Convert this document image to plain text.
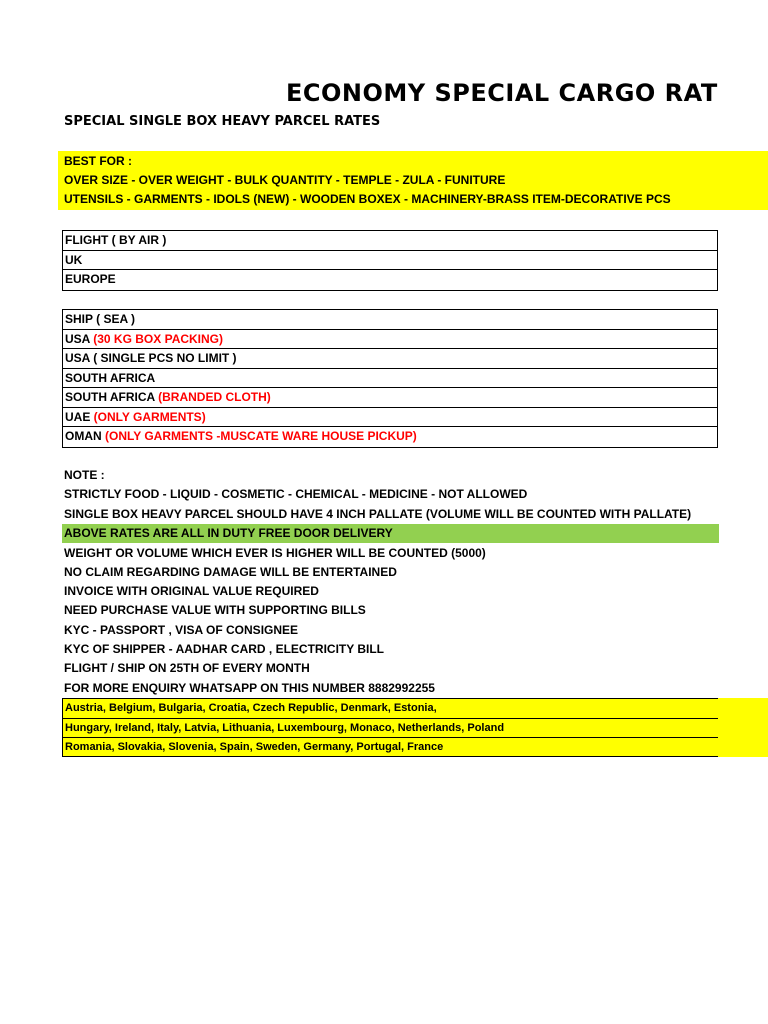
ECONOMY SPECIAL CARGO RAT
SPECIAL SINGLE BOX HEAVY PARCEL RATES
BEST FOR :
OVER SIZE - OVER WEIGHT - BULK QUANTITY - TEMPLE - ZULA - FUNITURE
UTENSILS - GARMENTS - IDOLS (NEW) - WOODEN BOXEX - MACHINERY-BRASS ITEM-DECORATIVE PCS
FLIGHT ( BY AIR )
UK
EUROPE
SHIP ( SEA )
USA (30 KG BOX PACKING)
USA ( SINGLE PCS NO LIMIT )
SOUTH AFRICA
SOUTH AFRICA (BRANDED CLOTH)
UAE (ONLY GARMENTS)
OMAN (ONLY GARMENTS -MUSCATE WARE HOUSE PICKUP)
NOTE :
STRICTLY FOOD - LIQUID - COSMETIC - CHEMICAL - MEDICINE - NOT ALLOWED
SINGLE BOX HEAVY PARCEL SHOULD HAVE 4 INCH PALLATE (VOLUME WILL BE COUNTED WITH PALLATE)
ABOVE RATES ARE ALL IN DUTY FREE DOOR DELIVERY
WEIGHT OR VOLUME WHICH EVER IS HIGHER WILL BE COUNTED (5000)
NO CLAIM REGARDING DAMAGE WILL BE ENTERTAINED
INVOICE WITH ORIGINAL VALUE REQUIRED
NEED PURCHASE VALUE WITH SUPPORTING BILLS
KYC - PASSPORT , VISA OF CONSIGNEE
KYC OF SHIPPER - AADHAR CARD , ELECTRICITY BILL
FLIGHT / SHIP ON 25TH OF EVERY MONTH
FOR MORE ENQUIRY WHATSAPP ON THIS NUMBER 8882992255
Austria, Belgium, Bulgaria, Croatia, Czech Republic, Denmark, Estonia,
Hungary, Ireland, Italy, Latvia, Lithuania, Luxembourg, Monaco, Netherlands, Poland
Romania, Slovakia, Slovenia, Spain, Sweden, Germany, Portugal, France
